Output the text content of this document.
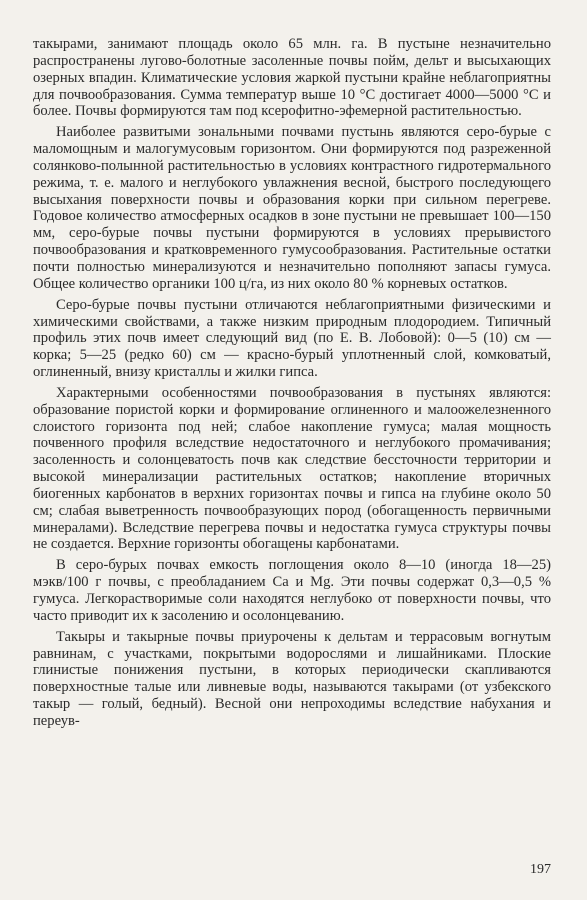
такырами, занимают площадь около 65 млн. га. В пустыне незначительно распространены лугово-болотные засоленные почвы пойм, дельт и высыхающих озерных впадин. Климатические условия жаркой пустыни крайне неблагоприятны для почвообразования. Сумма температур выше 10 °C достигает 4000—5000 °C и более. Почвы формируются там под ксерофитно-эфемерной растительностью.

Наиболее развитыми зональными почвами пустынь являются серо-бурые с маломощным и малогумусовым горизонтом. Они формируются под разреженной солянково-полынной растительностью в условиях контрастного гидротермального режима, т. е. малого и неглубокого увлажнения весной, быстрого последующего высыхания поверхности почвы и образования корки при сильном перегреве. Годовое количество атмосферных осадков в зоне пустыни не превышает 100—150 мм, серо-бурые почвы пустыни формируются в условиях прерывистого почвообразования и кратковременного гумусообразования. Растительные остатки почти полностью минерализуются и незначительно пополняют запасы гумуса. Общее количество органики 100 ц/га, из них около 80 % корневых остатков.

Серо-бурые почвы пустыни отличаются неблагоприятными физическими и химическими свойствами, а также низким природным плодородием. Типичный профиль этих почв имеет следующий вид (по Е. В. Лобовой): 0—5 (10) см — корка; 5—25 (редко 60) см — красно-бурый уплотненный слой, комковатый, оглиненный, внизу кристаллы и жилки гипса.

Характерными особенностями почвообразования в пустынях являются: образование пористой корки и формирование оглиненного и малоожелезненного слоистого горизонта под ней; слабое накопление гумуса; малая мощность почвенного профиля вследствие недостаточного и неглубокого промачивания; засоленность и солонцеватость почв как следствие бессточности территории и высокой минерализации растительных остатков; накопление вторичных биогенных карбонатов в верхних горизонтах почвы и гипса на глубине около 50 см; слабая выветренность почвообразующих пород (обогащенность первичными минералами). Вследствие перегрева почвы и недостатка гумуса структуры почвы не создается. Верхние горизонты обогащены карбонатами.

В серо-бурых почвах емкость поглощения около 8—10 (иногда 18—25) мэкв/100 г почвы, с преобладанием Ca и Mg. Эти почвы содержат 0,3—0,5 % гумуса. Легкорастворимые соли находятся неглубоко от поверхности почвы, что часто приводит их к засолению и осолонцеванию.

Такыры и такырные почвы приурочены к дельтам и террасовым вогнутым равнинам, с участками, покрытыми водорослями и лишайниками. Плоские глинистые понижения пустыни, в которых периодически скапливаются поверхностные талые или ливневые воды, называются такырами (от узбекского такыр — голый, бедный). Весной они непроходимы вследствие набухания и переув-

197
